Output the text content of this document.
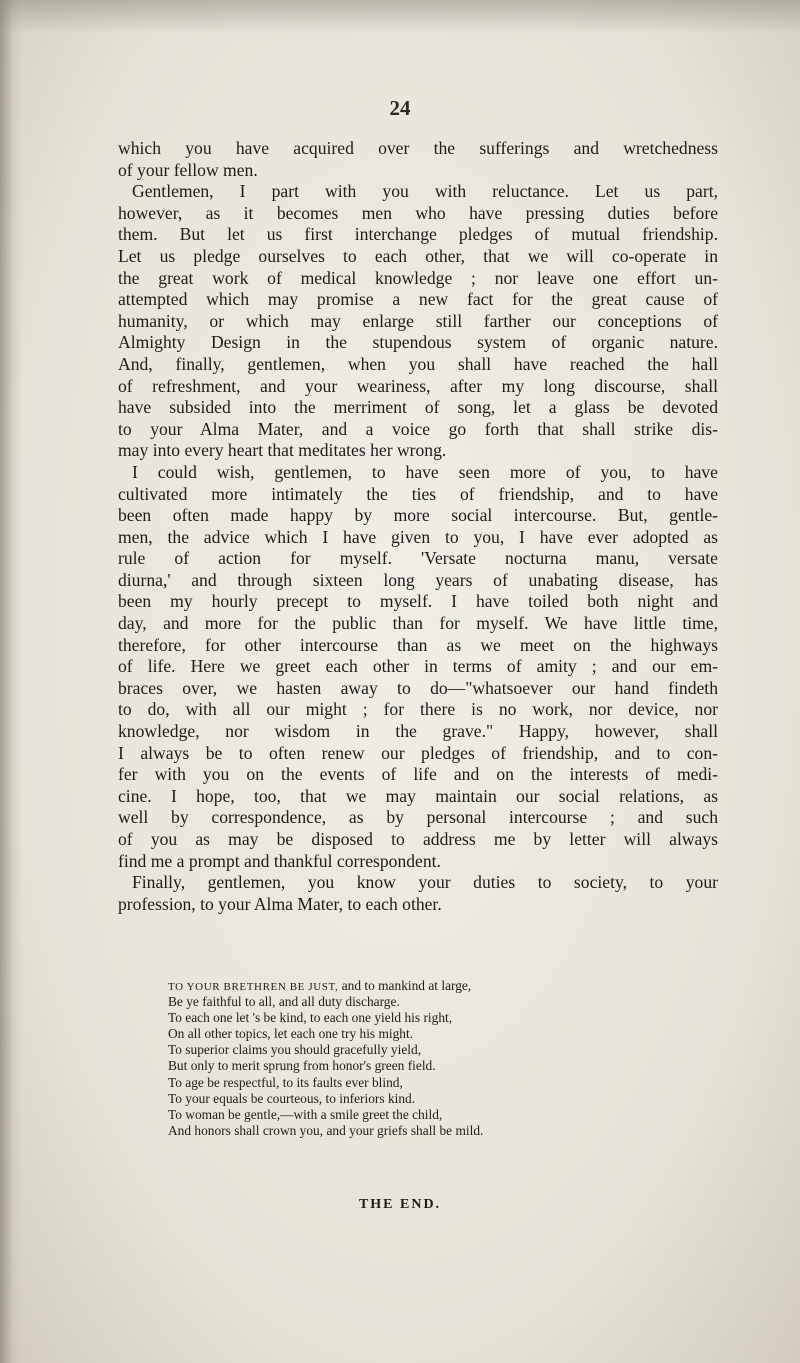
24
which you have acquired over the sufferings and wretchedness
of your fellow men.
Gentlemen, I part with you with reluctance. Let us part,
however, as it becomes men who have pressing duties before
them. But let us first interchange pledges of mutual friendship.
Let us pledge ourselves to each other, that we will co-operate in
the great work of medical knowledge ; nor leave one effort un-
attempted which may promise a new fact for the great cause of
humanity, or which may enlarge still farther our conceptions of
Almighty Design in the stupendous system of organic nature.
And, finally, gentlemen, when you shall have reached the hall
of refreshment, and your weariness, after my long discourse, shall
have subsided into the merriment of song, let a glass be devoted
to your Alma Mater, and a voice go forth that shall strike dis-
may into every heart that meditates her wrong.
I could wish, gentlemen, to have seen more of you, to have
cultivated more intimately the ties of friendship, and to have
been often made happy by more social intercourse. But, gentle-
men, the advice which I have given to you, I have ever adopted as
rule of action for myself. 'Versate nocturna manu, versate
diurna,' and through sixteen long years of unabating disease, has
been my hourly precept to myself. I have toiled both night and
day, and more for the public than for myself. We have little time,
therefore, for other intercourse than as we meet on the highways
of life. Here we greet each other in terms of amity ; and our em-
braces over, we hasten away to do—"whatsoever our hand findeth
to do, with all our might ; for there is no work, nor device, nor
knowledge, nor wisdom in the grave." Happy, however, shall
I always be to often renew our pledges of friendship, and to con-
fer with you on the events of life and on the interests of medi-
cine. I hope, too, that we may maintain our social relations, as
well by correspondence, as by personal intercourse ; and such
of you as may be disposed to address me by letter will always
find me a prompt and thankful correspondent.
Finally, gentlemen, you know your duties to society, to your
profession, to your Alma Mater, to each other.
TO YOUR BRETHREN BE JUST, and to mankind at large,
Be ye faithful to all, and all duty discharge.
To each one let 's be kind, to each one yield his right,
On all other topics, let each one try his might.
To superior claims you should gracefully yield,
But only to merit sprung from honor's green field.
To age be respectful, to its faults ever blind,
To your equals be courteous, to inferiors kind.
To woman be gentle,—with a smile greet the child,
And honors shall crown you, and your griefs shall be mild.
THE END.
